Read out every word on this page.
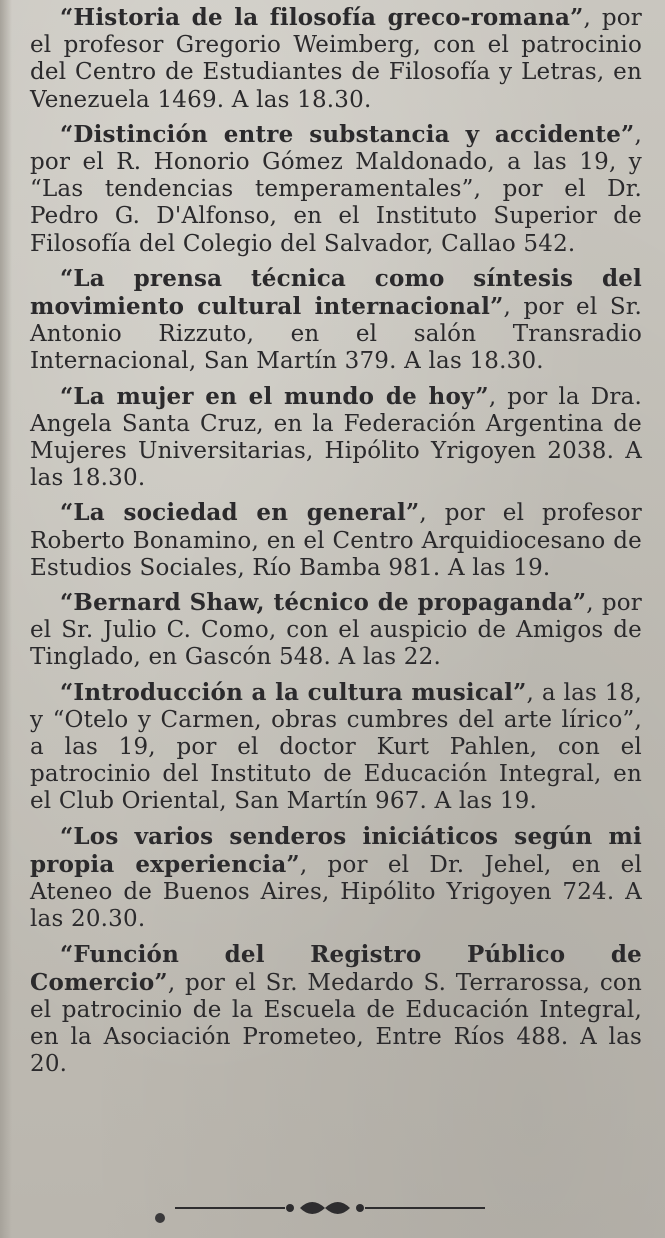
“Historia de la filosofía greco-romana”, por el profesor Gregorio Weimberg, con el patrocinio del Centro de Estudiantes de Filosofía y Letras, en Venezuela 1469. A las 18.30.

“Distinción entre substancia y accidente”, por el R. Honorio Gómez Maldonado, a las 19, y “Las tendencias temperamentales”, por el Dr. Pedro G. D'Alfonso, en el Instituto Superior de Filosofía del Colegio del Salvador, Callao 542.

“La prensa técnica como síntesis del movimiento cultural internacional”, por el Sr. Antonio Rizzuto, en el salón Transradio Internacional, San Martín 379. A las 18.30.

“La mujer en el mundo de hoy”, por la Dra. Angela Santa Cruz, en la Federación Argentina de Mujeres Universitarias, Hipólito Yrigoyen 2038. A las 18.30.

“La sociedad en general”, por el profesor Roberto Bonamino, en el Centro Arquidiocesano de Estudios Sociales, Río Bamba 981. A las 19.

“Bernard Shaw, técnico de propaganda”, por el Sr. Julio C. Como, con el auspicio de Amigos de Tinglado, en Gascón 548. A las 22.

“Introducción a la cultura musical”, a las 18, y “Otelo y Carmen, obras cumbres del arte lírico”, a las 19, por el doctor Kurt Pahlen, con el patrocinio del Instituto de Educación Integral, en el Club Oriental, San Martín 967. A las 19.

“Los varios senderos iniciáticos según mi propia experiencia”, por el Dr. Jehel, en el Ateneo de Buenos Aires, Hipólito Yrigoyen 724. A las 20.30.

“Función del Registro Público de Comercio”, por el Sr. Medardo S. Terrarossa, con el patrocinio de la Escuela de Educación Integral, en la Asociación Prometeo, Entre Ríos 488. A las 20.
